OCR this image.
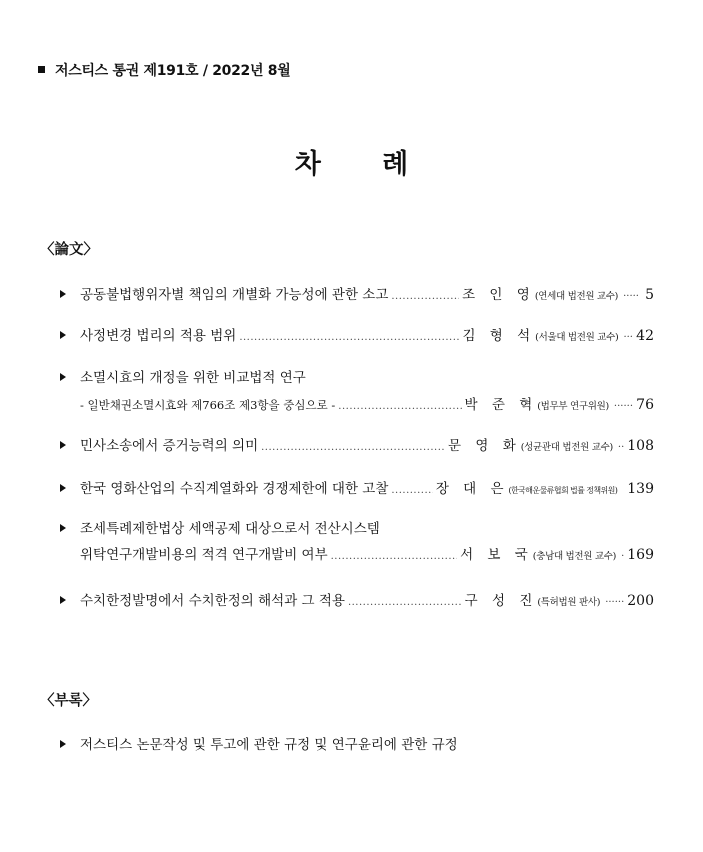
저스티스 통권 제191호 / 2022년 8월
차 례
〈論文〉
공동불법행위자별 책임의 개별화 가능성에 관한 소고 .....	조 인 영 (연세대 법전원 교수) ····· 5
사정변경 법리의 적용 범위 .....	김 형 석 (서울대 법전원 교수) ··· 42
소멸시효의 개정을 위한 비교법적 연구
- 일반채권소멸시효와 제766조 제3항을 중심으로 - .....	박 준 혁 (법무부 연구위원) ······ 76
민사소송에서 증거능력의 의미 .....	문 영 화 (성균관대 법전원 교수) ·· 108
한국 영화산업의 수직계열화와 경쟁제한에 대한 고찰 .....	장 대 은 (한국해운물류협회 법률 정책위원) 139
조세특례제한법상 세액공제 대상으로서 전산시스템
위탁연구개발비용의 적격 연구개발비 여부 .....	서 보 국 (충남대 법전원 교수) · 169
수치한정발명에서 수치한정의 해석과 그 적용 .....	구 성 진 (특허법원 판사) ······ 200
〈부록〉
저스티스 논문작성 및 투고에 관한 규정 및 연구윤리에 관한 규정
